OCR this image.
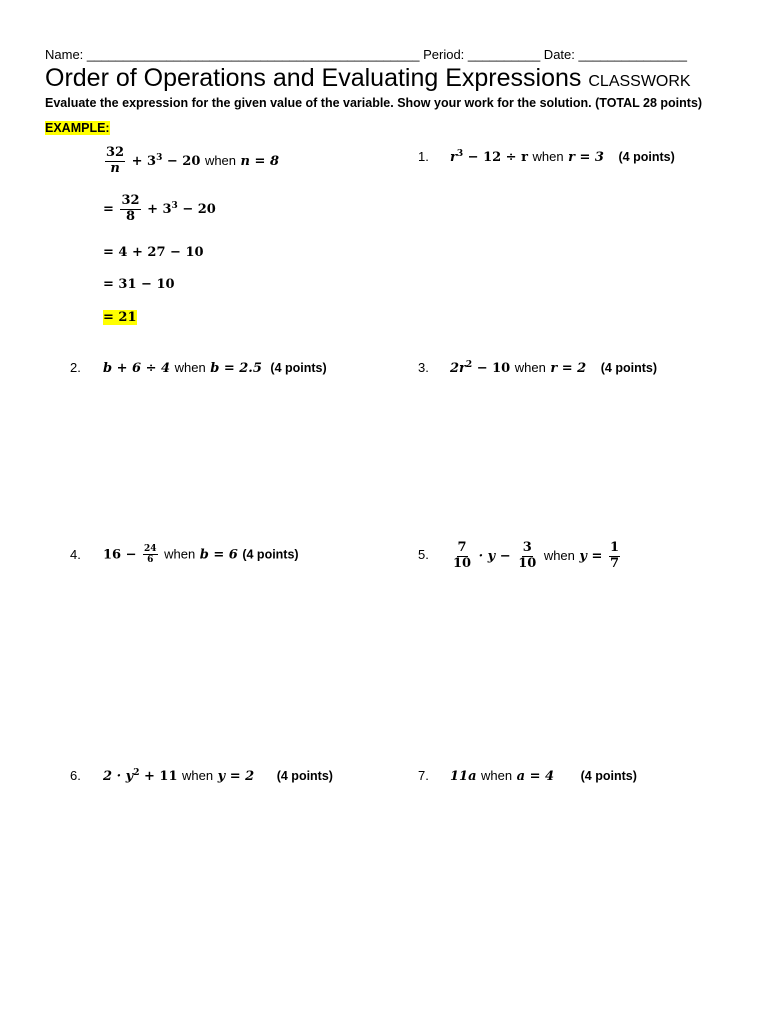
Name: ______________________________________________ Period: __________ Date: _______________
Order of Operations and Evaluating Expressions CLASSWORK
Evaluate the expression for the given value of the variable. Show your work for the solution. (TOTAL 28 points)
EXAMPLE:
$\frac{32}{n} + 3^3 - 20$ when n = 8
= $\frac{32}{8} + 3^3 - 20$
= 4 + 27 − 10
= 31 − 10
= 21
1. $r^3 - 12 \div r$ when r = 3 (4 points)
2. b + 6 ÷ 4 when b = 2.5 (4 points)	3. $2r^2 - 10$ when r = 2 (4 points)
4. $16 - \frac{24}{6}$ when b = 6 (4 points)	5. $\frac{7}{10} \cdot y - \frac{3}{10}$ when $y = \frac{1}{7}$
6. $2 \cdot y^2 + 11$ when y = 2 (4 points)	7. 11a when a = 4 (4 points)
